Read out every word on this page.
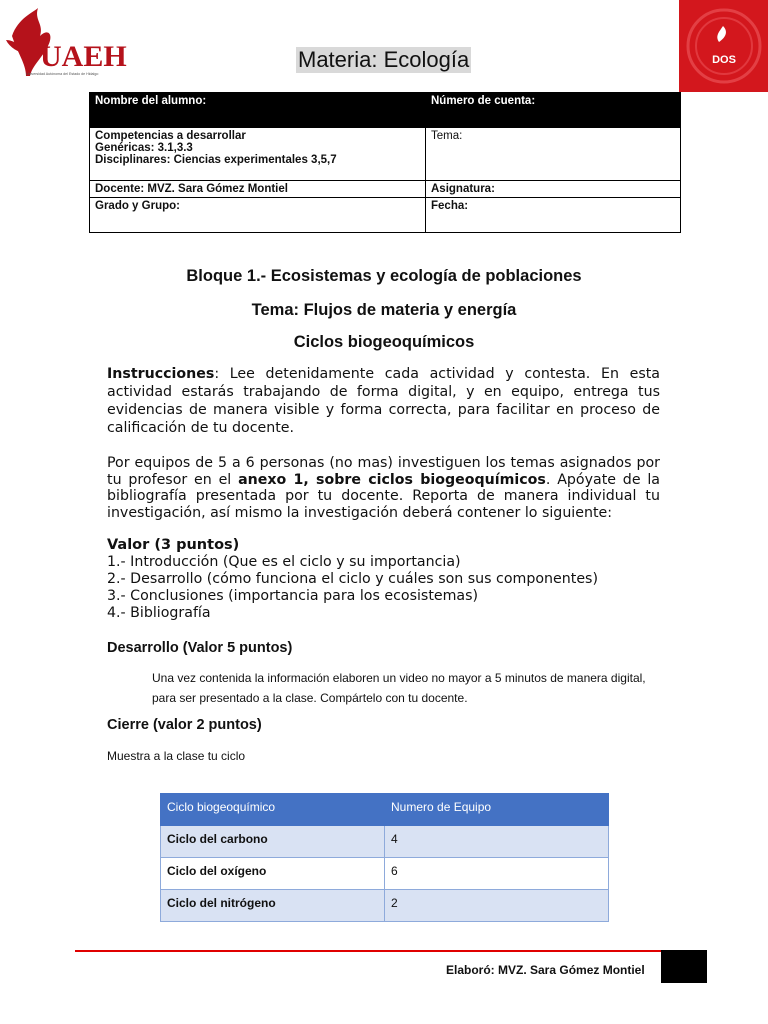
UAEH
Universidad Autónoma del Estado de Hidalgo
DOS
Materia: Ecología
Nombre del alumno:	Número de cuenta:

Competencias a desarrollar
Genéricas: 3.1,3.3
Disciplinares: Ciencias experimentales 3,5,7	Tema:
Docente: MVZ. Sara Gómez Montiel	Asignatura:
Grado y Grupo:	Fecha:
Bloque 1.- Ecosistemas y ecología de poblaciones
Tema: Flujos de materia y energía
Ciclos biogeoquímicos
Instrucciones: Lee detenidamente cada actividad y contesta. En esta actividad estarás trabajando de forma digital, y en equipo, entrega tus evidencias de manera visible y forma correcta, para facilitar en proceso de calificación de tu docente.
Por equipos de 5 a 6 personas (no mas) investiguen los temas asignados por tu profesor en el anexo 1, sobre ciclos biogeoquímicos. Apóyate de la bibliografía presentada por tu docente. Reporta de manera individual tu investigación, así mismo la investigación deberá contener lo siguiente:
Valor (3 puntos)
1.- Introducción (Que es el ciclo y su importancia)
2.- Desarrollo (cómo funciona el ciclo y cuáles son sus componentes)
3.- Conclusiones (importancia para los ecosistemas)
4.- Bibliografía
Desarrollo (Valor 5 puntos)
Una vez contenida la información elaboren un video no mayor a 5 minutos de manera digital, para ser presentado a la clase. Compártelo con tu docente.
Cierre (valor 2 puntos)
Muestra a la clase tu ciclo
Ciclo biogeoquímico	Numero de Equipo
Ciclo del carbono	4
Ciclo del oxígeno	6
Ciclo del nitrógeno	2
Elaboró: MVZ. Sara Gómez Montiel
